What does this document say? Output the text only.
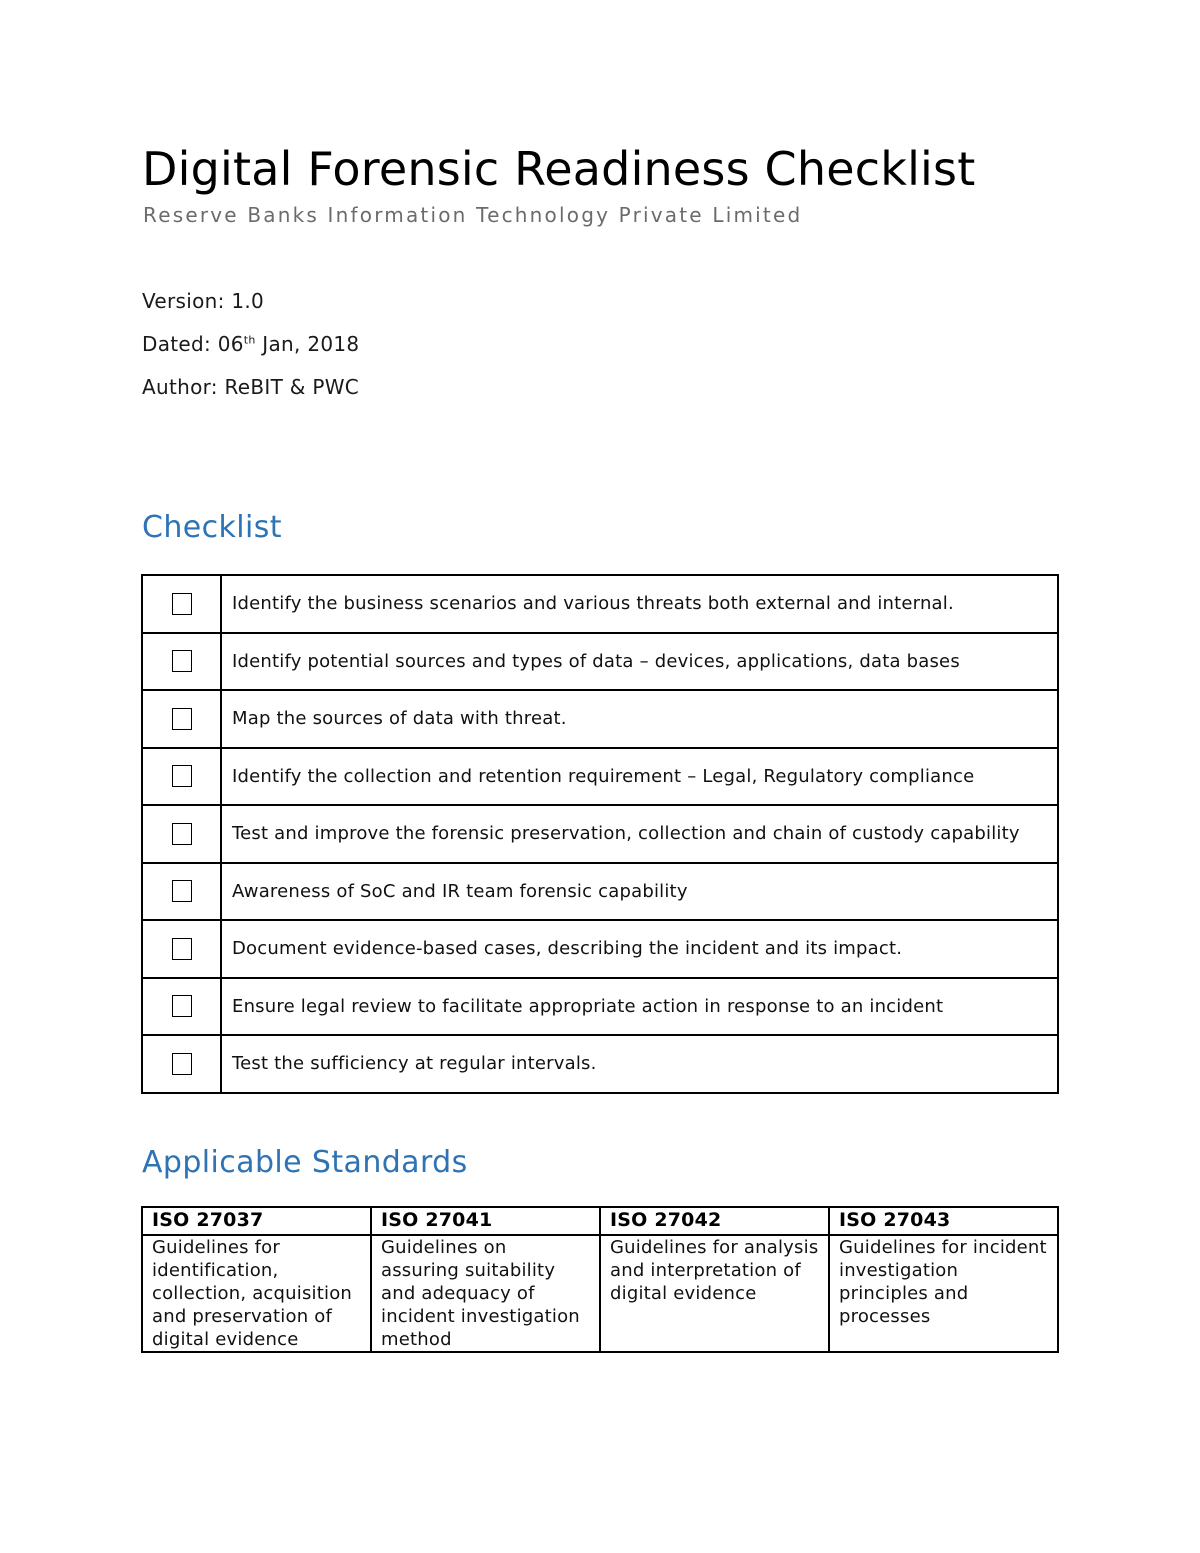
Digital Forensic Readiness Checklist
Reserve Banks Information Technology Private Limited
Version: 1.0
Dated: 06th Jan, 2018
Author: ReBIT & PWC
Checklist
	Identify the business scenarios and various threats both external and internal.
	Identify potential sources and types of data – devices, applications, data bases
	Map the sources of data with threat.
	Identify the collection and retention requirement – Legal, Regulatory compliance
	Test and improve the forensic preservation, collection and chain of custody capability
	Awareness of SoC and IR team forensic capability
	Document evidence-based cases, describing the incident and its impact.
	Ensure legal review to facilitate appropriate action in response to an incident
	Test the sufficiency at regular intervals.
Applicable Standards
ISO 27037	ISO 27041	ISO 27042	ISO 27043
Guidelines for identification, collection, acquisition and preservation of digital evidence	Guidelines on assuring suitability and adequacy of incident investigation method	Guidelines for analysis and interpretation of digital evidence	Guidelines for incident investigation principles and processes
